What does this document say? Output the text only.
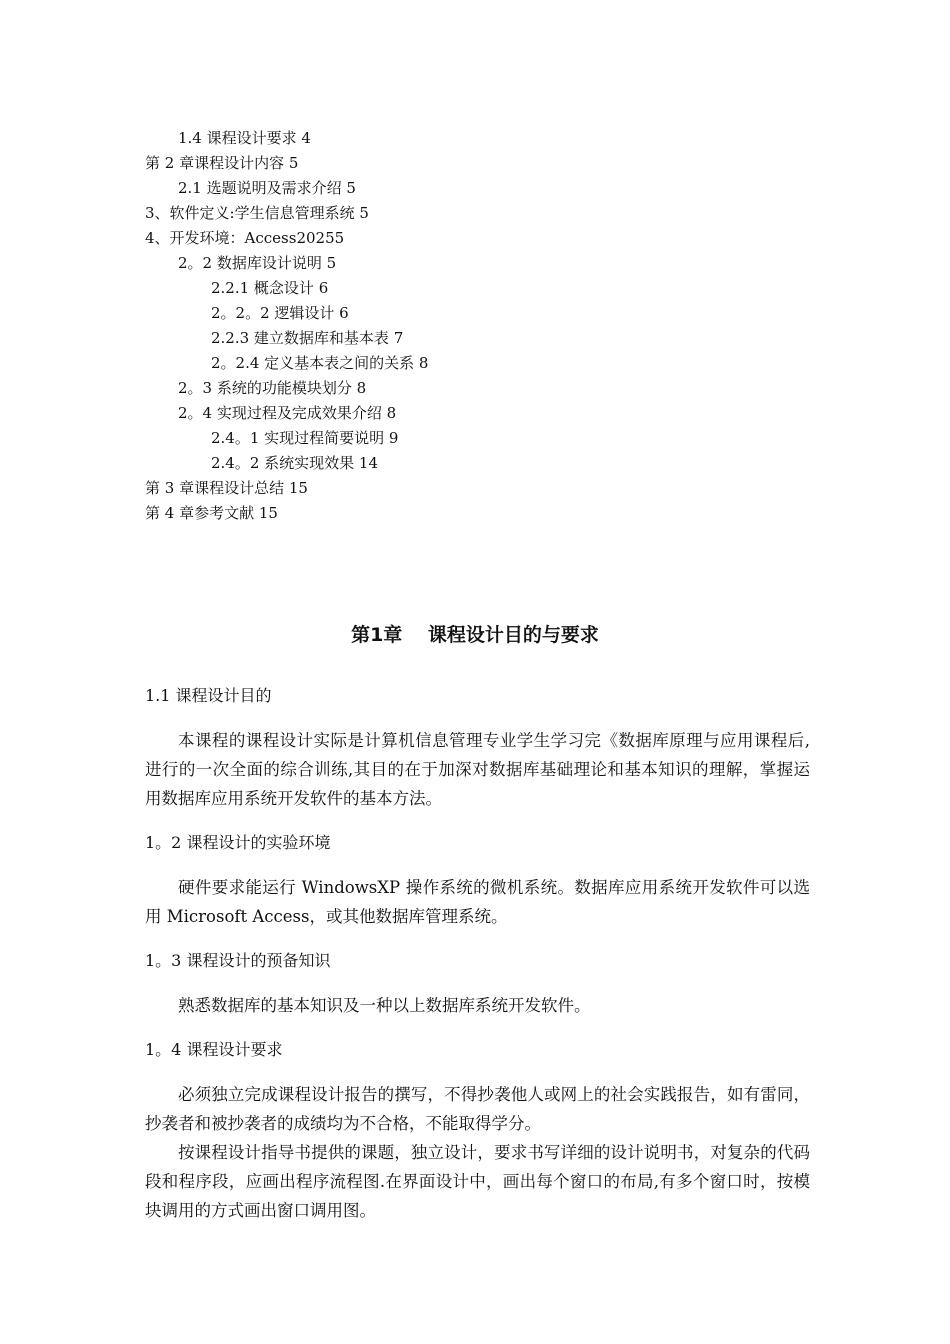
1.4 课程设计要求 4
第 2 章课程设计内容 5
2.1 选题说明及需求介绍 5
3、软件定义:学生信息管理系统 5
4、开发环境：Access20255
2。2 数据库设计说明 5
2.2.1 概念设计 6
2。2。2 逻辑设计 6
2.2.3 建立数据库和基本表 7
2。2.4 定义基本表之间的关系 8
2。3 系统的功能模块划分 8
2。4 实现过程及完成效果介绍 8
2.4。1 实现过程简要说明 9
2.4。2 系统实现效果 14
第 3 章课程设计总结 15
第 4 章参考文献 15
第1章　 课程设计目的与要求
1.1 课程设计目的
本课程的课程设计实际是计算机信息管理专业学生学习完《数据库原理与应用课程后,进行的一次全面的综合训练,其目的在于加深对数据库基础理论和基本知识的理解，掌握运用数据库应用系统开发软件的基本方法。
1。2 课程设计的实验环境
硬件要求能运行 WindowsXP 操作系统的微机系统。数据库应用系统开发软件可以选用 Microsoft Access，或其他数据库管理系统。
1。3 课程设计的预备知识
熟悉数据库的基本知识及一种以上数据库系统开发软件。
1。4 课程设计要求
必须独立完成课程设计报告的撰写，不得抄袭他人或网上的社会实践报告，如有雷同，抄袭者和被抄袭者的成绩均为不合格，不能取得学分。
按课程设计指导书提供的课题，独立设计，要求书写详细的设计说明书，对复杂的代码段和程序段，应画出程序流程图.在界面设计中，画出每个窗口的布局,有多个窗口时，按模块调用的方式画出窗口调用图。
